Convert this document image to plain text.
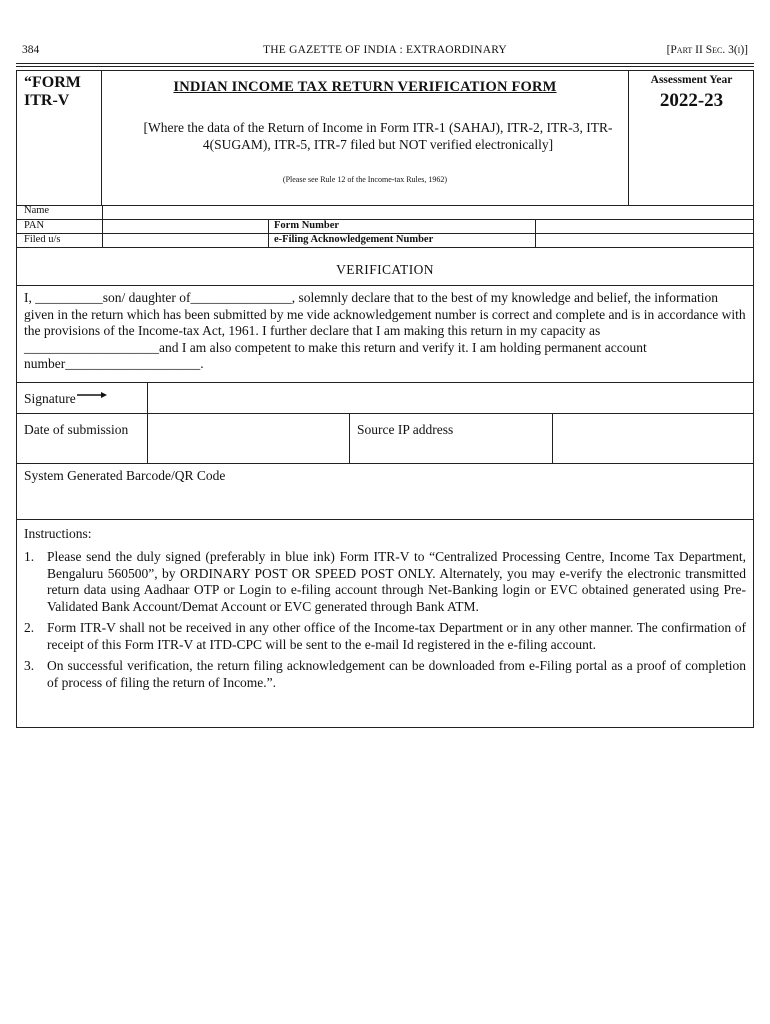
384	THE GAZETTE OF INDIA : EXTRAORDINARY	[Part II Sec. 3(i)]
“FORM
ITR-V
INDIAN INCOME TAX RETURN VERIFICATION FORM
[Where the data of the Return of Income in Form ITR-1 (SAHAJ), ITR-2, ITR-3, ITR-4(SUGAM), ITR-5, ITR-7 filed but NOT verified electronically]
(Please see Rule 12 of the Income-tax Rules, 1962)
Assessment Year
2022-23
Name
PAN	Form Number
Filed u/s	e-Filing Acknowledgement Number
VERIFICATION

I, __________son/ daughter of_______________, solemnly declare that to the best of my knowledge and belief, the information given in the return which has been submitted by me vide acknowledgement number is correct and complete and is in accordance with the provisions of the Income-tax Act, 1961. I further declare that I am making this return in my capacity as ____________________and I am also competent to make this return and verify it. I am holding permanent account number____________________.

Signature
Date of submission	Source IP address
System Generated Barcode/QR Code
Instructions:
1. Please send the duly signed (preferably in blue ink) Form ITR-V to “Centralized Processing Centre, Income Tax Department, Bengaluru 560500”, by ORDINARY POST OR SPEED POST ONLY. Alternately, you may e-verify the electronic transmitted return data using Aadhaar OTP or Login to e-filing account through Net-Banking login or EVC obtained generated using Pre-Validated Bank Account/Demat Account or EVC generated through Bank ATM.
2. Form ITR-V shall not be received in any other office of the Income-tax Department or in any other manner. The confirmation of receipt of this Form ITR-V at ITD-CPC will be sent to the e-mail Id registered in the e-filing account.
3. On successful verification, the return filing acknowledgement can be downloaded from e-Filing portal as a proof of completion of process of filing the return of Income.”.
